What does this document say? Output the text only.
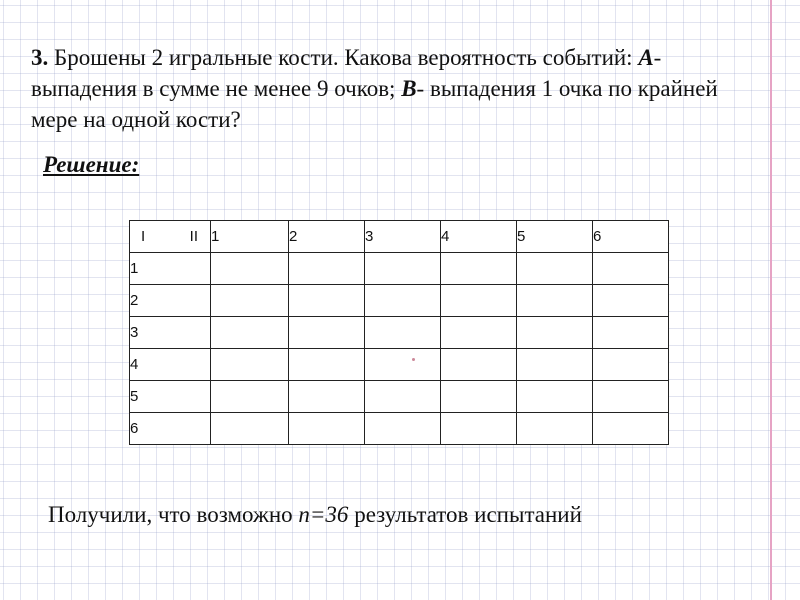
3. Брошены 2 игральные кости. Какова вероятность событий: А-выпадения в сумме не менее 9 очков; В- выпадения 1 очка по крайней мере на одной кости?
Решение:
I II	1	2	3	4	5	6
1						
2						
3						
4						
5						
6						
Получили, что возможно n=36 результатов испытаний
